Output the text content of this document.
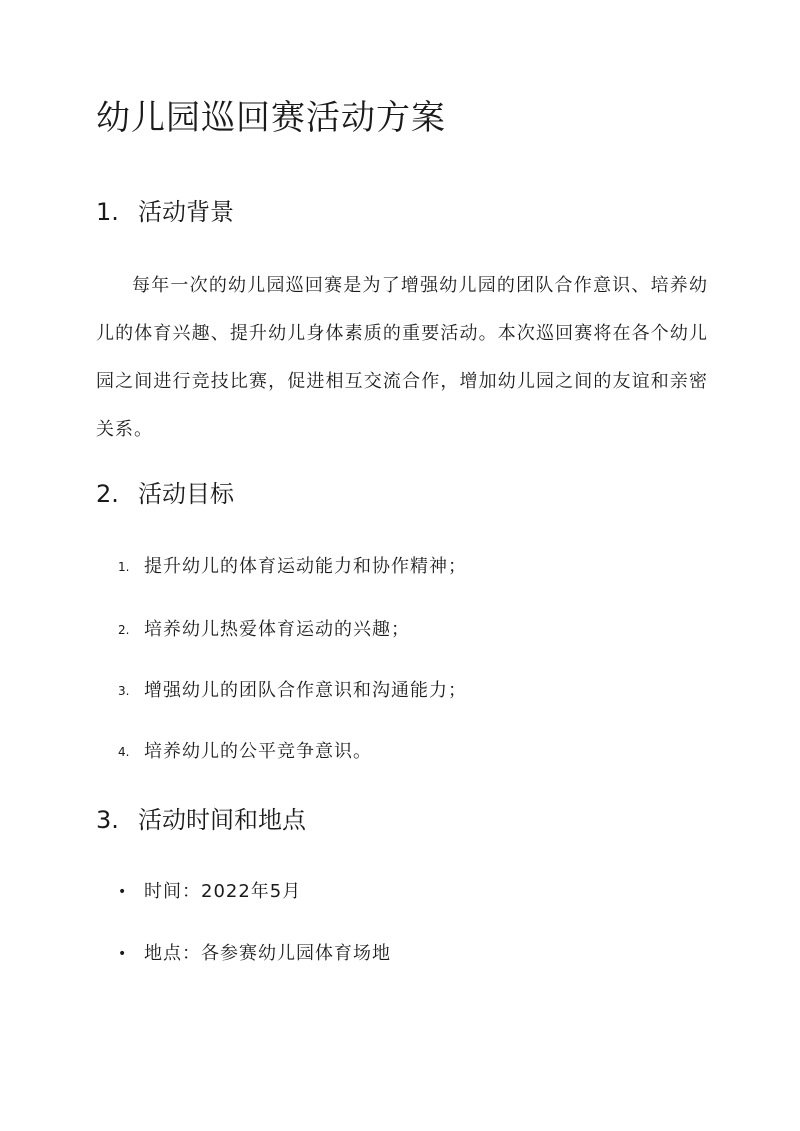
幼儿园巡回赛活动方案
1. 活动背景

每年一次的幼儿园巡回赛是为了增强幼儿园的团队合作意识、培养幼儿的体育兴趣、提升幼儿身体素质的重要活动。本次巡回赛将在各个幼儿园之间进行竞技比赛，促进相互交流合作，增加幼儿园之间的友谊和亲密关系。

2. 活动目标
1. 提升幼儿的体育运动能力和协作精神；
2. 培养幼儿热爱体育运动的兴趣；
3. 增强幼儿的团队合作意识和沟通能力；
4. 培养幼儿的公平竞争意识。
3. 活动时间和地点
• 时间：2022年5月
• 地点：各参赛幼儿园体育场地
